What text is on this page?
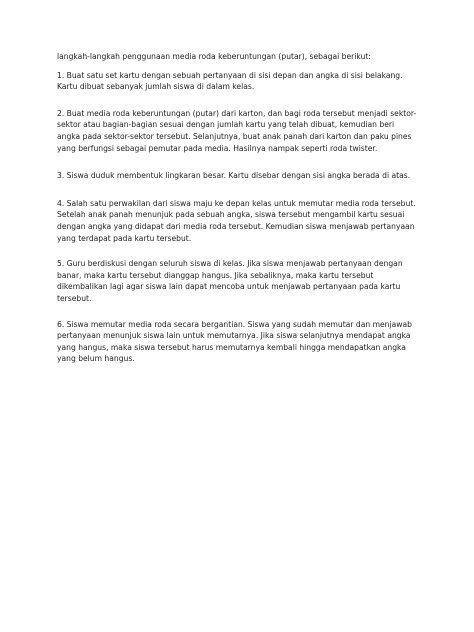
langkah-langkah penggunaan media roda keberuntungan (putar), sebagai berikut:

1. Buat satu set kartu dengan sebuah pertanyaan di sisi depan dan angka di sisi belakang. Kartu dibuat sebanyak jumlah siswa di dalam kelas.

2. Buat media roda keberuntungan (putar) dari karton, dan bagi roda tersebut menjadi sektor-sektor atau bagian-bagian sesuai dengan jumlah kartu yang telah dibuat, kemudian beri angka pada sektor-sektor tersebut. Selanjutnya, buat anak panah dari karton dan paku pines yang berfungsi sebagai pemutar pada media. Hasilnya nampak seperti roda twister.

3. Siswa duduk membentuk lingkaran besar. Kartu disebar dengan sisi angka berada di atas.

4. Salah satu perwakilan dari siswa maju ke depan kelas untuk memutar media roda tersebut. Setelah anak panah menunjuk pada sebuah angka, siswa tersebut mengambil kartu sesuai dengan angka yang didapat dari media roda tersebut. Kemudian siswa menjawab pertanyaan yang terdapat pada kartu tersebut.

5. Guru berdiskusi dengan seluruh siswa di kelas. Jika siswa menjawab pertanyaan dengan banar, maka kartu tersebut dianggap hangus. Jika sebaliknya, maka kartu tersebut dikembalikan lagi agar siswa lain dapat mencoba untuk menjawab pertanyaan pada kartu tersebut.

6. Siswa memutar media roda secara bergantian. Siswa yang sudah memutar dan menjawab pertanyaan menunjuk siswa lain untuk memutarnya. Jika siswa selanjutnya mendapat angka yang hangus, maka siswa tersebut harus memutarnya kembali hingga mendapatkan angka yang belum hangus.
